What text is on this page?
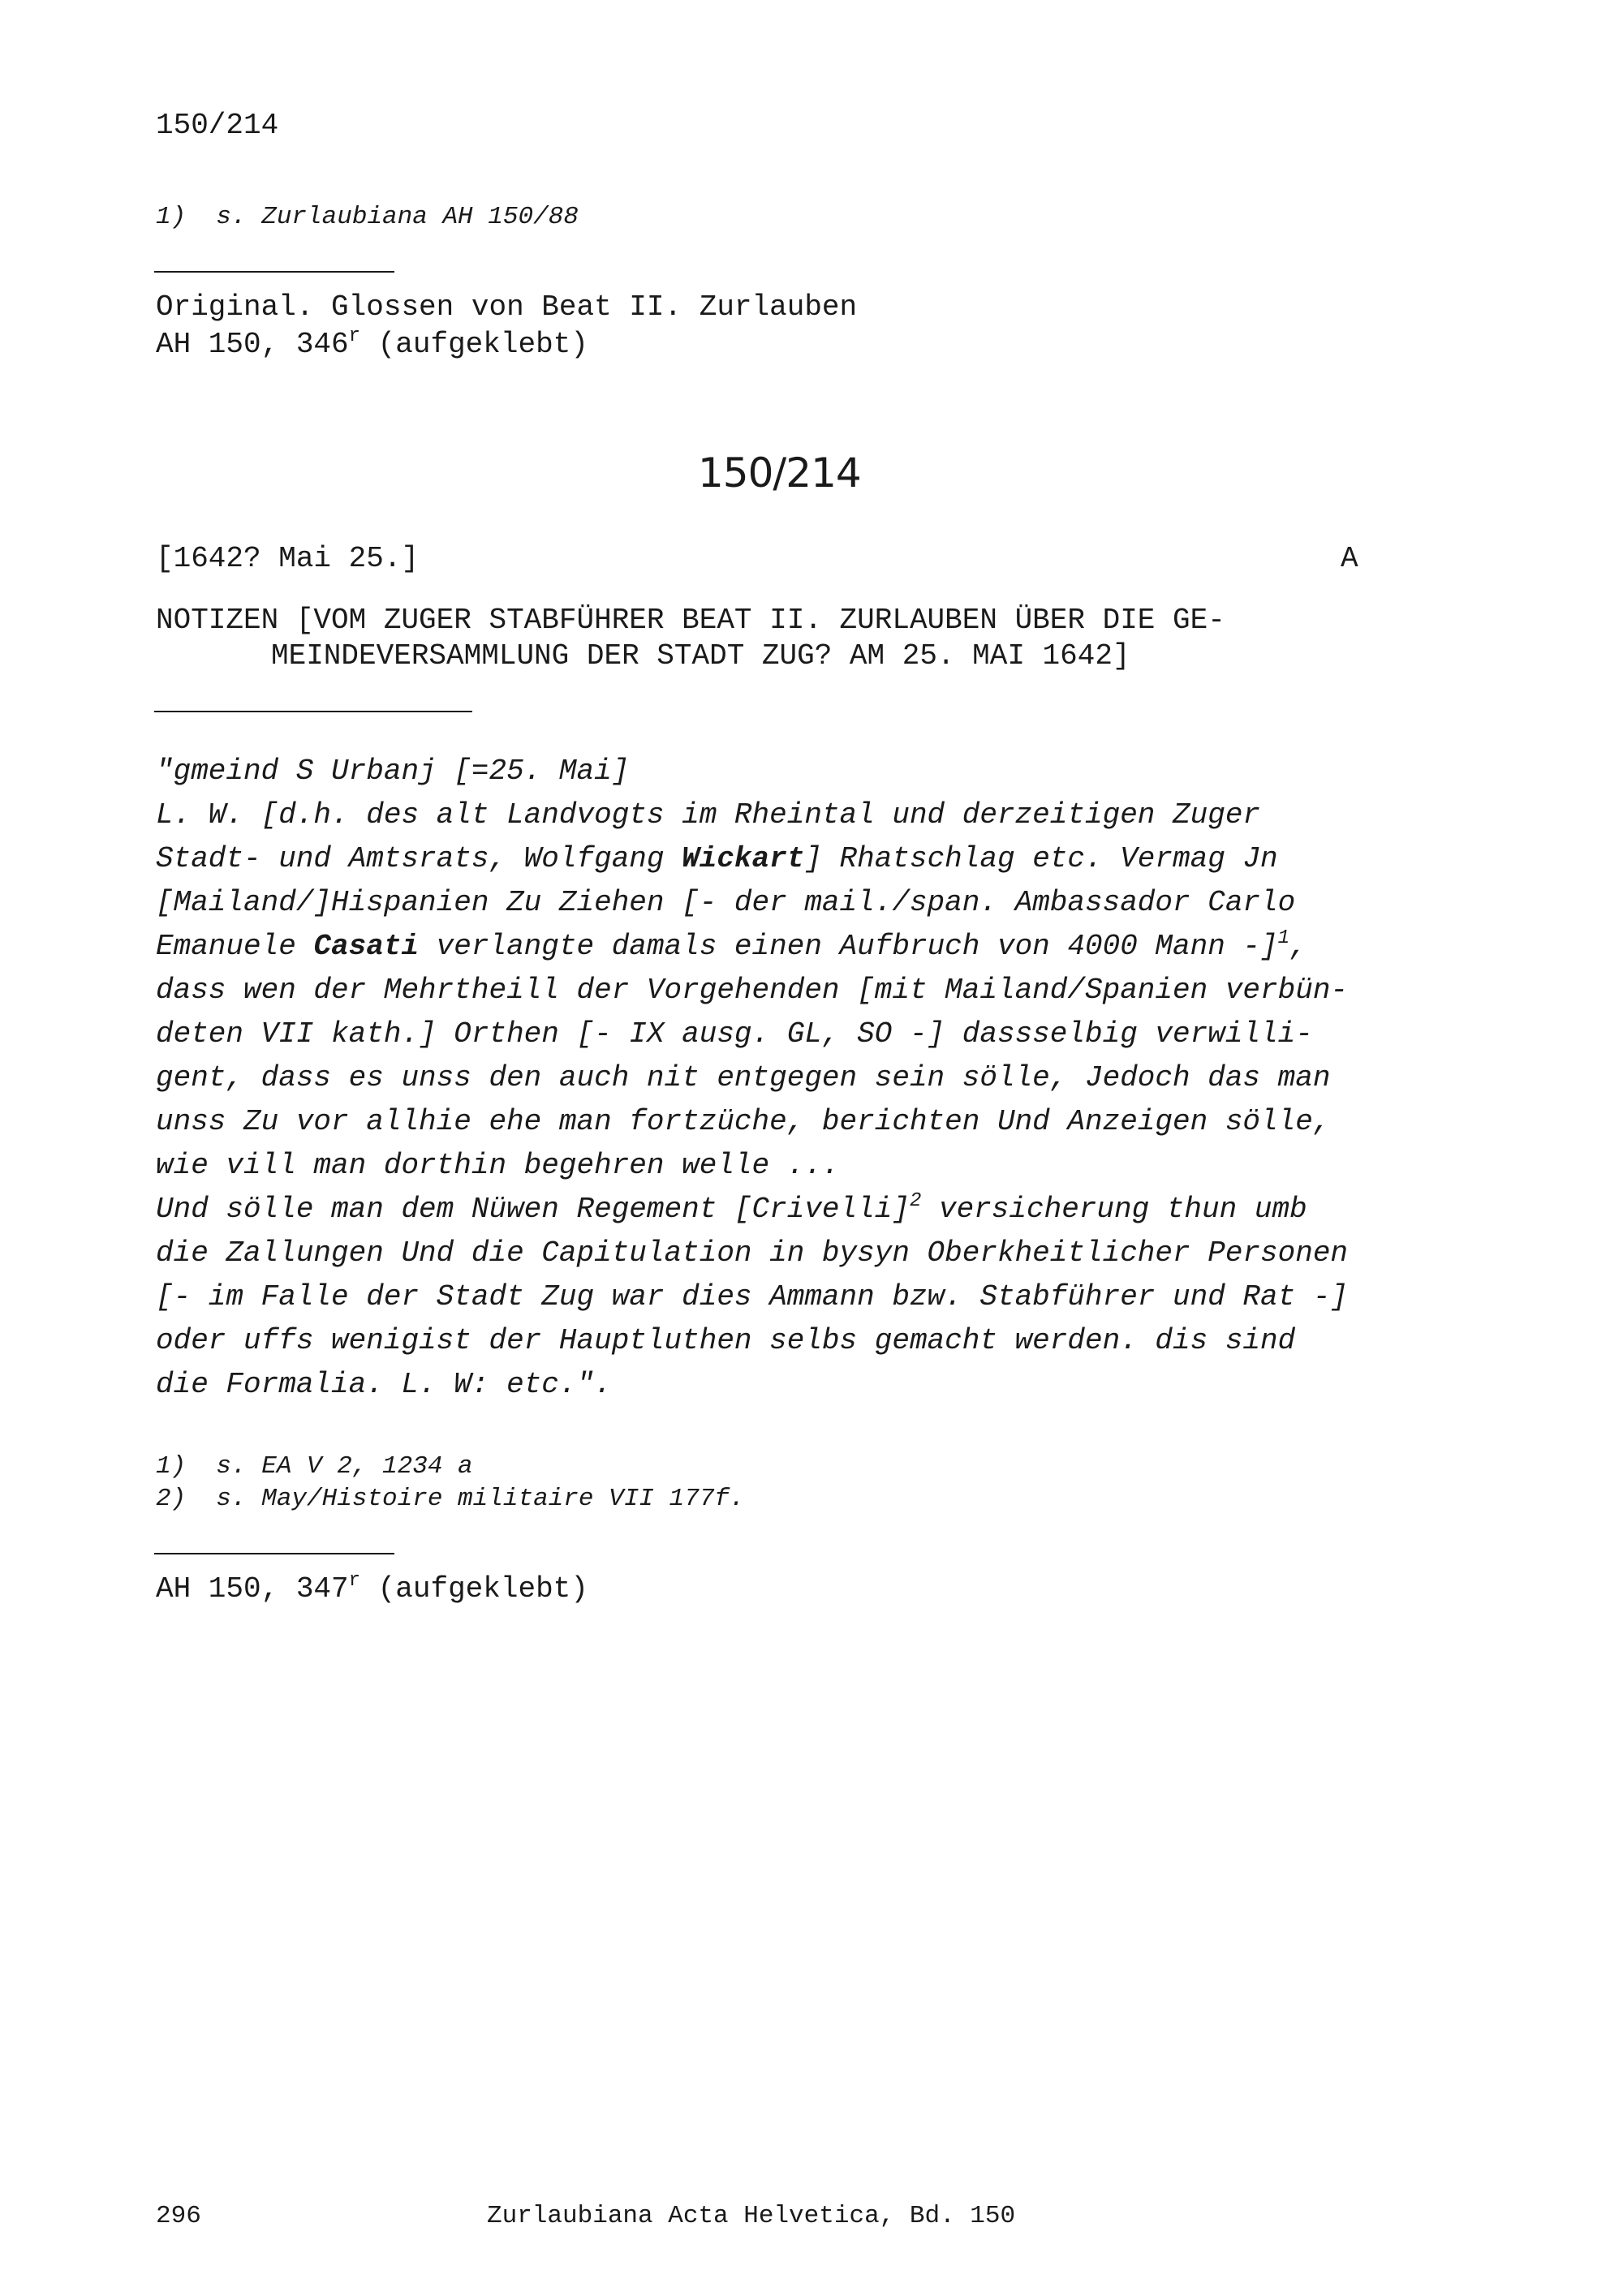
150/214
1)  s. Zurlaubiana AH 150/88
Original. Glossen von Beat II. Zurlauben
AH 150, 346$^r$ (aufgeklebt)
150/214
[1642? Mai 25.]	A
NOTIZEN [VOM ZUGER STABFÜHRER BEAT II. ZURLAUBEN ÜBER DIE GE-
MEINDEVERSAMMLUNG DER STADT ZUG? AM 25. MAI 1642]
"gmeind S Urbanj [=25. Mai]
L. W. [d.h. des alt Landvogts im Rheintal und derzeitigen Zuger
Stadt- und Amtsrats, Wolfgang Wickart] Rhatschlag etc. Vermag Jn
[Mailand/]Hispanien Zu Ziehen [- der mail./span. Ambassador Carlo
Emanuele Casati verlangte damals einen Aufbruch von 4000 Mann -]$^1$,
dass wen der Mehrtheill der Vorgehenden [mit Mailand/Spanien verbün-
deten VII kath.] Orthen [- IX ausg. GL, SO -] dassselbig verwilli-
gent, dass es unss den auch nit entgegen sein sölle, Jedoch das man
unss Zu vor allhie ehe man fortzüche, berichten Und Anzeigen sölle,
wie vill man dorthin begehren welle ...
Und sölle man dem Nüwen Regement [Crivelli]$^2$ versicherung thun umb
die Zallungen Und die Capitulation in bysyn Oberkheitlicher Personen
[- im Falle der Stadt Zug war dies Ammann bzw. Stabführer und Rat -]
oder uffs wenigist der Hauptluthen selbs gemacht werden. dis sind
die Formalia. L. W: etc.".
1)  s. EA V 2, 1234 a
2)  s. May/Histoire militaire VII 177f.
AH 150, 347$^r$ (aufgeklebt)
296	Zurlaubiana Acta Helvetica, Bd. 150
